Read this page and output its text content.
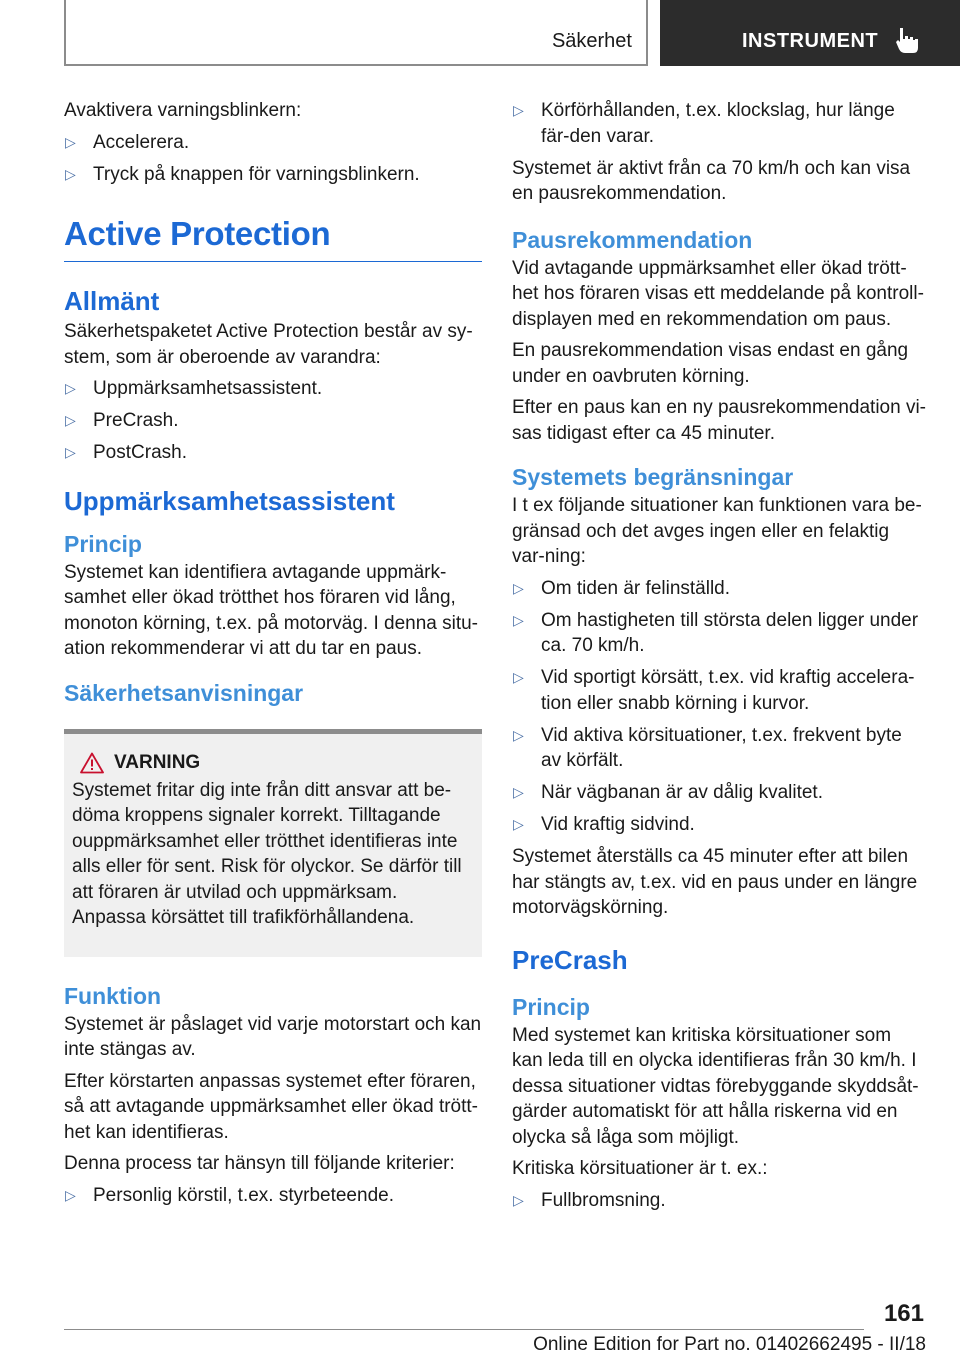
Säkerhet	INSTRUMENT

Avaktivera varningsblinkern:

▷ Accelerera.
▷ Tryck på knappen för varningsblinkern.
Active Protection
Allmänt

Säkerhetspaketet Active Protection består av sy-stem, som är oberoende av varandra:

▷ Uppmärksamhetsassistent.
▷ PreCrash.
▷ PostCrash.
Uppmärksamhetsassistent
Princip

Systemet kan identifiera avtagande uppmärk-samhet eller ökad trötthet hos föraren vid lång, monoton körning, t.ex. på motorväg. I denna situ-ation rekommenderar vi att du tar en paus.

Säkerhetsanvisningar
VARNING

Systemet fritar dig inte från ditt ansvar att be-döma kroppens signaler korrekt. Tilltagande ouppmärksamhet eller trötthet identifieras inte alls eller för sent. Risk för olyckor. Se därför till att föraren är utvilad och uppmärksam. Anpassa körsättet till trafikförhållandena.

Funktion

Systemet är påslaget vid varje motorstart och kan inte stängas av.

Efter körstarten anpassas systemet efter föraren, så att avtagande uppmärksamhet eller ökad trött-het kan identifieras.

Denna process tar hänsyn till följande kriterier:

▷ Personlig körstil, t.ex. styrbeteende.
▷ Körförhållanden, t.ex. klockslag, hur länge fär-den varar.

Systemet är aktivt från ca 70 km/h och kan visa en pausrekommendation.

Pausrekommendation

Vid avtagande uppmärksamhet eller ökad trött-het hos föraren visas ett meddelande på kontroll-displayen med en rekommendation om paus.

En pausrekommendation visas endast en gång under en oavbruten körning.

Efter en paus kan en ny pausrekommendation vi-sas tidigast efter ca 45 minuter.

Systemets begränsningar

I t ex följande situationer kan funktionen vara be-gränsad och det avges ingen eller en felaktig var-ning:

▷ Om tiden är felinställd.
▷ Om hastigheten till största delen ligger under ca. 70 km/h.
▷ Vid sportigt körsätt, t.ex. vid kraftig accelera-tion eller snabb körning i kurvor.
▷ Vid aktiva körsituationer, t.ex. frekvent byte av körfält.
▷ När vägbanan är av dålig kvalitet.
▷ Vid kraftig sidvind.

Systemet återställs ca 45 minuter efter att bilen har stängts av, t.ex. vid en paus under en längre motorvägskörning.

PreCrash
Princip

Med systemet kan kritiska körsituationer som kan leda till en olycka identifieras från 30 km/h. I dessa situationer vidtas förebyggande skyddsåt-gärder automatiskt för att hålla riskerna vid en olycka så låga som möjligt.

Kritiska körsituationer är t. ex.:

▷ Fullbromsning.
161
Online Edition for Part no. 01402662495 - II/18
